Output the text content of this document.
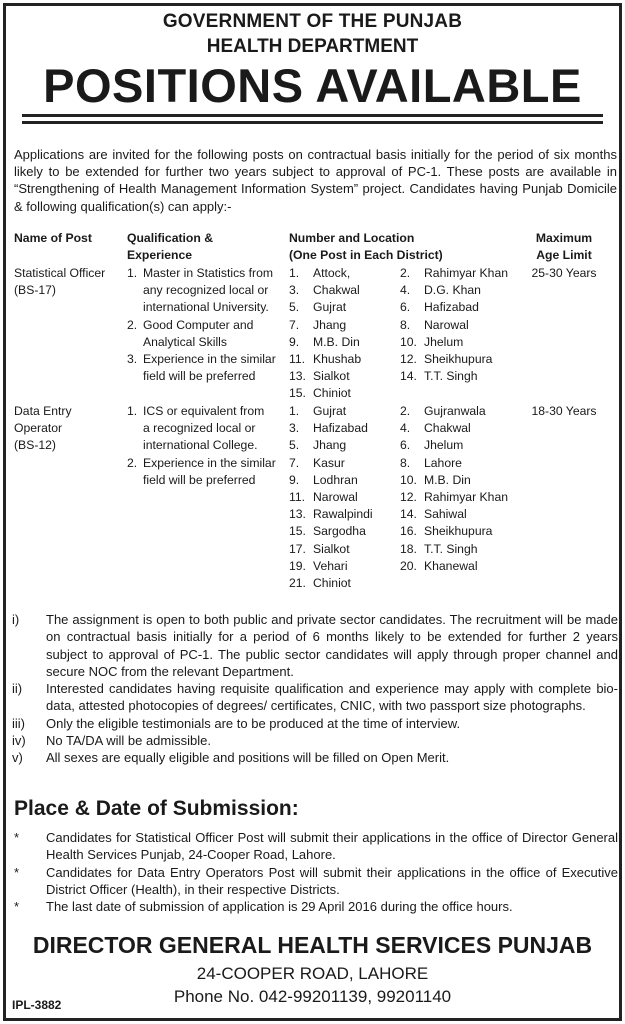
GOVERNMENT OF THE PUNJAB
HEALTH DEPARTMENT
POSITIONS AVAILABLE

Applications are invited for the following posts on contractual basis initially for the period of six months likely to be extended for further two years subject to approval of PC-1. These posts are available in “Strengthening of Health Management Information System” project. Candidates having Punjab Domicile & following qualification(s) can apply:-

Name of Post	Qualification &
Experience
Number and Location
(One Post in Each District)
Maximum
Age Limit
Statistical Officer
(BS-17)
1. Master in Statistics from
any recognized local or
international University.
2. Good Computer and
Analytical Skills
3. Experience in the similar
field will be preferred
1. Attock,
3. Chakwal
5. Gujrat
7. Jhang
9. M.B. Din
11. Khushab
13. Sialkot
15. Chiniot
2. Rahimyar Khan
4. D.G. Khan
6. Hafizabad
8. Narowal
10. Jhelum
12. Sheikhupura
14. T.T. Singh
25-30 Years
Data Entry
Operator
(BS-12)
1. ICS or equivalent from
a recognized local or
international College.
2. Experience in the similar
field will be preferred
1. Gujrat
3. Hafizabad
5. Jhang
7. Kasur
9. Lodhran
11. Narowal
13. Rawalpindi
15. Sargodha
17. Sialkot
19. Vehari
21. Chiniot
2. Gujranwala
4. Chakwal
6. Jhelum
8. Lahore
10. M.B. Din
12. Rahimyar Khan
14. Sahiwal
16. Sheikhupura
18. T.T. Singh
20. Khanewal
18-30 Years
i) The assignment is open to both public and private sector candidates. The recruitment will be made on contractual basis initially for a period of 6 months likely to be extended for further 2 years subject to approval of PC-1. The public sector candidates will apply through proper channel and secure NOC from the relevant Department.
ii) Interested candidates having requisite qualification and experience may apply with complete bio-data, attested photocopies of degrees/ certificates, CNIC, with two passport size photographs.
iii) Only the eligible testimonials are to be produced at the time of interview.
iv) No TA/DA will be admissible.
v) All sexes are equally eligible and positions will be filled on Open Merit.
Place & Date of Submission:
* Candidates for Statistical Officer Post will submit their applications in the office of Director General Health Services Punjab, 24-Cooper Road, Lahore.
* Candidates for Data Entry Operators Post will submit their applications in the office of Executive District Officer (Health), in their respective Districts.
* The last date of submission of application is 29 April 2016 during the office hours.
DIRECTOR GENERAL HEALTH SERVICES PUNJAB
24-COOPER ROAD, LAHORE
Phone No. 042-99201139, 99201140
IPL-3882
